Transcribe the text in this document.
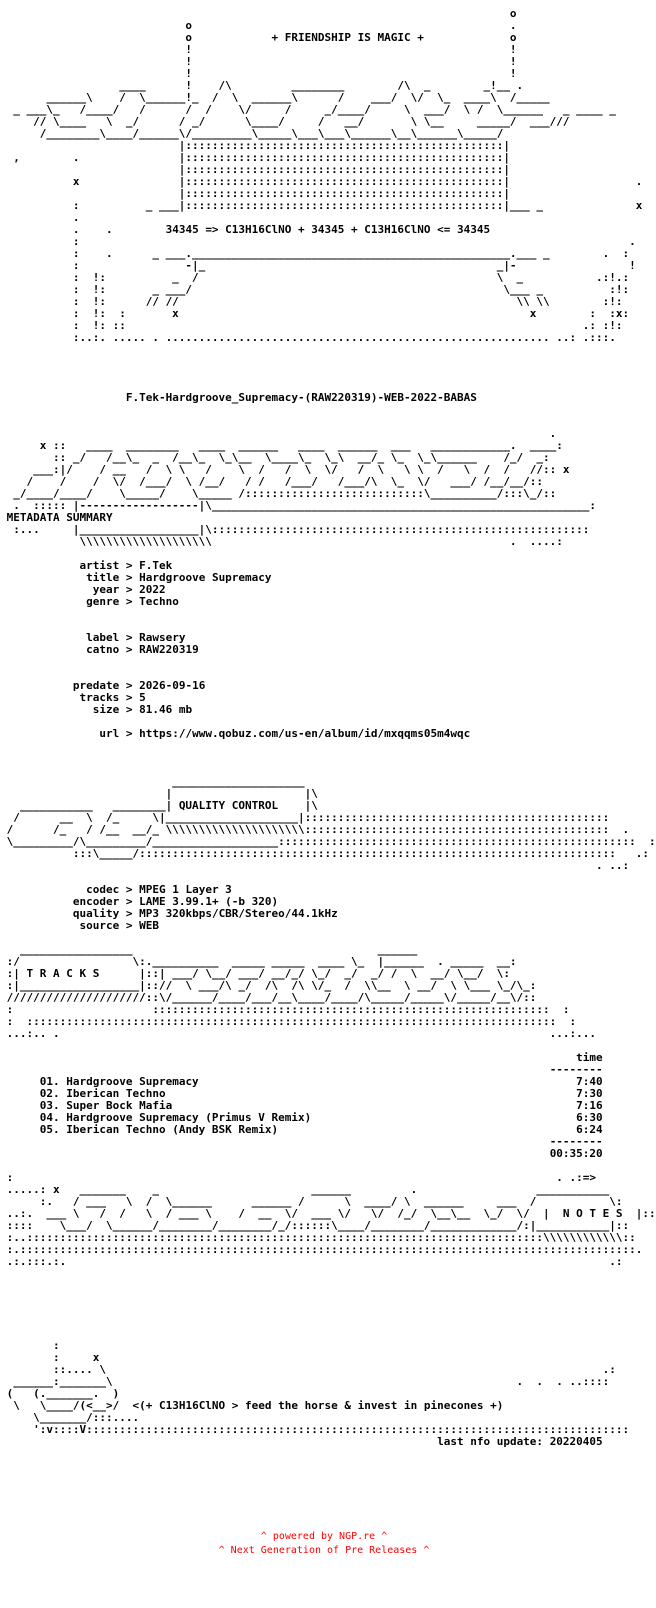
o
o                                                .
o            + FRIENDSHIP IS MAGIC +             o
!                                                !
!                                                !
!                                                !
____      !    /\         ________        /\  _        _!__ .
______\    /  \______!_  /  \  ______\      /    ___/  \/  \_  ____\  /_____
_ ___\_   /____/   /      /  /    \/     /     _/____/     \  ___/  \ /  \______   _ ____ _
// \____   \  _/      / _/      \____/     /   __/       \ \__     _____/  ___///
/________\____/______\/_________\_____\___\___\______\__\______\_____/
|::::::::::::::::::::::::::::::::::::::::::::::::|
,        .               |::::::::::::::::::::::::::::::::::::::::::::::::|
|::::::::::::::::::::::::::::::::::::::::::::::::|
x               |::::::::::::::::::::::::::::::::::::::::::::::::|                   .
|::::::::::::::::::::::::::::::::::::::::::::::::|
:          _ ___|::::::::::::::::::::::::::::::::::::::::::::::::|___ _              x
.
.    .	34345 => C13H16ClNO + 34345 + C13H16ClNO <= 34345
:                                                                                   .
:    .      _ ___.________________________________________________.___ _        .  :
:                -|_                                            _|-                 !
:  !:          _  /                                             \  _           .:!.:
:  !:       _ ___/                                               \___ _          :!:
:  !:      // //                                                   \\ \\        :!:
:  !:  :       x                                                     x        :  :x:
:  !: ::                                                                     .: :!:
:..:. ..... . .......................................................... ..: .:::.

F.Tek-Hardgroove_Supremacy-(RAW220319)-WEB-2022-BABAS

.
x ::   ____  ________   ____  ______   ____  ______  ___   ____________.  ____:
:: _/   /__\_  _  /__\_  \_\__  \____\_  \_\  __/_ \_  \_\______    /_/  _:
___:|/    / __   /  \ \   /    \  /   /  \  \/   /  \   \ \  /   \  /  /   //:: x
/    /    /  \/  /___/  \ /__/   / /   /___/   /___/\  \_  \/   ___/ /__/__/::
_/____/____/    \_____/    \_____ /:::::::::::::::::::::::::::\__________/:::\_/::
.  ::::: |------------------|\_________________________________________________________:
METADATA SUMMARY
:...     |__________________|\:::::::::::::::::::::::::::::::::::::::::::::::::::::::::
\\\\\\\\\\\\\\\\\\\\                                             .  ....:

artist > F.Tek
title > Hardgroove Supremacy
year > 2022
genre > Techno

label > Rawsery
catno > RAW220319

predate > 2026-09-16
tracks > 5
size > 81.46 mb

url > https://www.qobuz.com/us-en/album/id/mxqqms05m4wqc

____________________
|                    |\
___________   ________| QUALITY CONTROL    |\
/      __  \  /_     \|____________________|::::::::::::::::::::::::::::::::::::::::::::::
/      /_   / /__  __/_ \\\\\\\\\\\\\\\\\\\\\::::::::::::::::::::::::::::::::::::::::::::::  .
\_________/\_________/___________________::::::::::::::::::::::::::::::::::::::::::::::::::::::  :
:::\_____/::::::::::::::::::::::::::::::::::::::::::::::::::::::::::::::::::::::::   .:
. ..:

codec > MPEG 1 Layer 3
encoder > LAME 3.99.1+ (-b 320)
quality > MP3 320kbps/CBR/Stereo/44.1kHz
source > WEB

_________________                                     ______
:/                 \:.__________  _____ _____  ____ \_  |______  . _____  __:
:| T R A C K S	|::| ___/ \__/ ___/ __/_/ \_/  _/  _/ /  \  __/ \__/  \:
:|__________________|:://  \ ___/\ _/  /\  /\ \/_  /  \\__  \ __/  \ \___ \_/\_:
/////////////////////::\/______/____/___/__\____/____/\_____/_____\/_____/__\/::
:                     ::::::::::::::::::::::::::::::::::::::::::::::::::::::::::::  :
:  ::::::::::::::::::::::::::::::::::::::::::::::::::::::::::::::::::::::::::::::::  :
...:.. .                                                                          ...:...

time
--------
01. Hardgroove Supremacy                                                         7:40
02. Iberican Techno                                                              7:30
03. Super Bock Mafia                                                             7:16
04. Hardgroove Supremacy (Primus V Remix)                                        6:30
05. Iberican Techno (Andy BSK Remix)                                             6:24
--------
00:35:20

:                                                                                  . .:=>
.....: x   _______    _                       ______         .                  ___________
:.   / ___   \  /  \______      ______ /      \  ____/ \  ______     ___  /           \:
..:.  ___ \   /  /   \  / ___ \    /  __  \/  ___ \/   \/  /_/  \__\__  \_/  \/  |  N O T E S  |::
::::    \___/  \______/________/________/_/::::::\____/________/_____________/:|___________|::
:..::::::::::::::::::::::::::::::::::::::::::::::::::::::::::::::::::::::::::::::\\\\\\\\\\\\::
:.:::::::::::::::::::::::::::::::::::::::::::::::::::::::::::::::::::::::::::::::::::::::::::::.
.:.:::.:.                                                                                  .:

:
:     x
::.... \                                                                           .:
______:_______\                                                             .  .  . ..::::
(   (._______.  )
\   \____/(<__>/  <(+ C13H16ClNO > feed the horse & invest in pinecones +)
\_______/:::....
':v::::V::::::::::::::::::::::::::::::::::::::::::::::::::::::::::::::::::::::::::::::::::
last nfo update: 20220405

^ powered by NGP.re ^
^ Next Generation of Pre Releases ^
